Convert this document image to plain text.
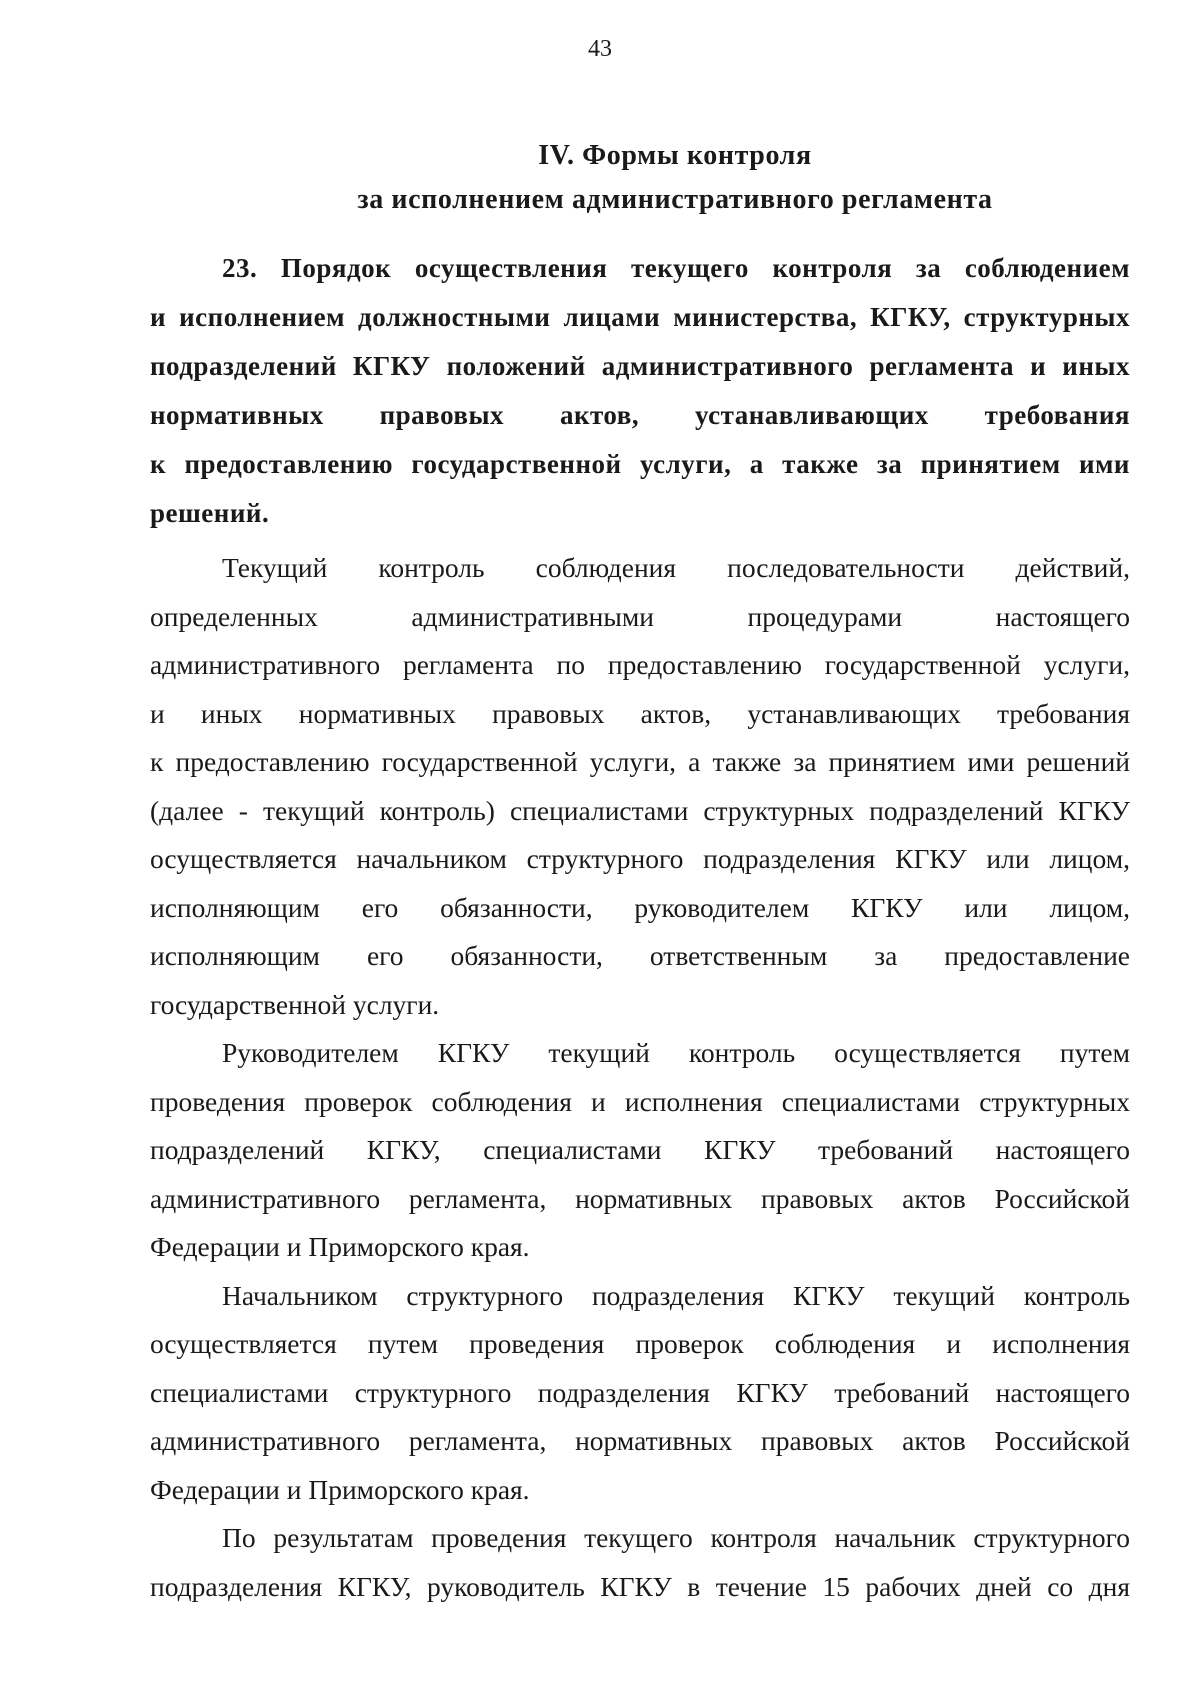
43
IV. Формы контроля
за исполнением административного регламента
23. Порядок осуществления текущего контроля за соблюдением
и исполнением должностными лицами министерства, КГКУ, структурных
подразделений КГКУ положений административного регламента и иных
нормативных правовых актов, устанавливающих требования
к предоставлению государственной услуги, а также за принятием ими
решений.
Текущий контроль соблюдения последовательности действий,
определенных административными процедурами настоящего
административного регламента по предоставлению государственной услуги,
и иных нормативных правовых актов, устанавливающих требования
к предоставлению государственной услуги, а также за принятием ими решений
(далее - текущий контроль) специалистами структурных подразделений КГКУ
осуществляется начальником структурного подразделения КГКУ или лицом,
исполняющим его обязанности, руководителем КГКУ или лицом,
исполняющим его обязанности, ответственным за предоставление
государственной услуги.
Руководителем КГКУ текущий контроль осуществляется путем
проведения проверок соблюдения и исполнения специалистами структурных
подразделений КГКУ, специалистами КГКУ требований настоящего
административного регламента, нормативных правовых актов Российской
Федерации и Приморского края.
Начальником структурного подразделения КГКУ текущий контроль
осуществляется путем проведения проверок соблюдения и исполнения
специалистами структурного подразделения КГКУ требований настоящего
административного регламента, нормативных правовых актов Российской
Федерации и Приморского края.
По результатам проведения текущего контроля начальник структурного
подразделения КГКУ, руководитель КГКУ в течение 15 рабочих дней со дня
